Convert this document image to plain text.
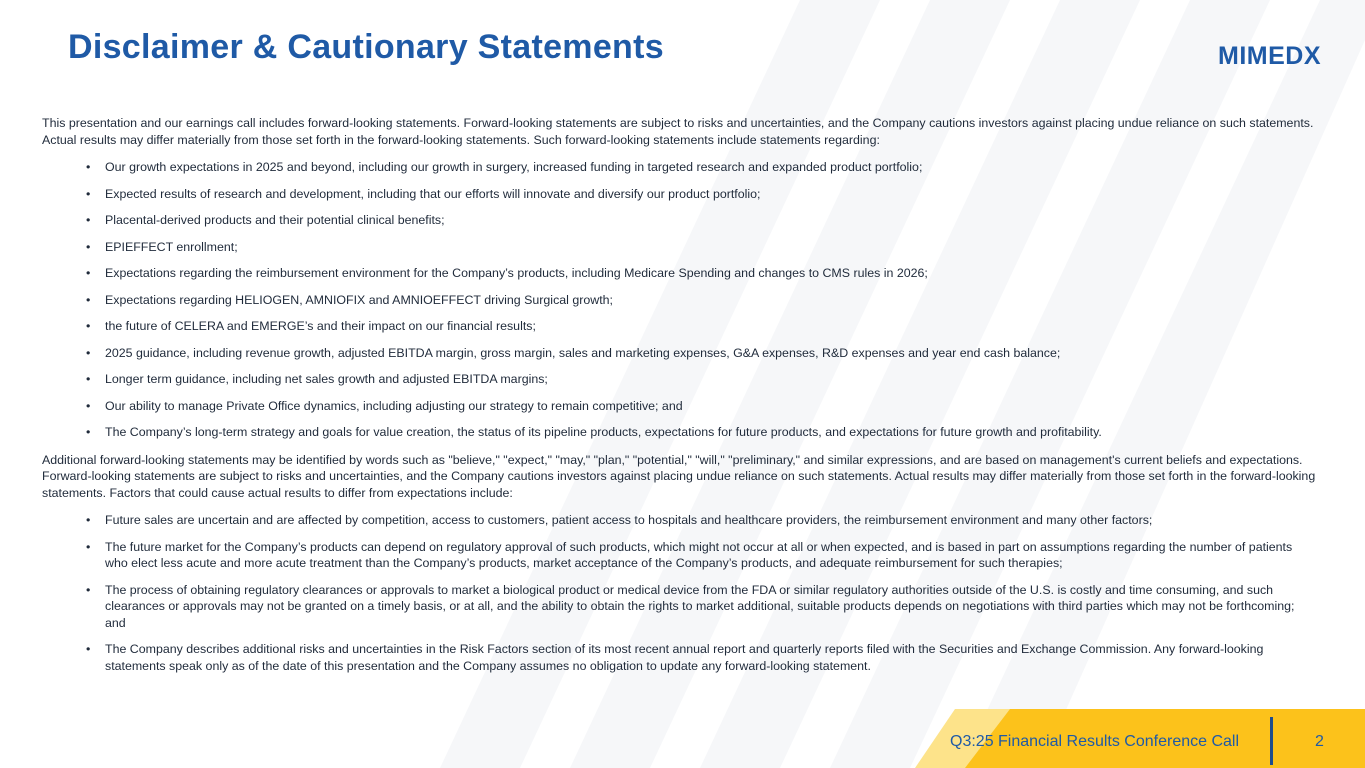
Disclaimer & Cautionary Statements	MIMEDX

This presentation and our earnings call includes forward-looking statements. Forward-looking statements are subject to risks and uncertainties, and the Company cautions investors against placing undue reliance on such statements. Actual results may differ materially from those set forth in the forward-looking statements. Such forward-looking statements include statements regarding:

• Our growth expectations in 2025 and beyond, including our growth in surgery, increased funding in targeted research and expanded product portfolio;
• Expected results of research and development, including that our efforts will innovate and diversify our product portfolio;
• Placental-derived products and their potential clinical benefits;
• EPIEFFECT enrollment;
• Expectations regarding the reimbursement environment for the Company’s products, including Medicare Spending and changes to CMS rules in 2026;
• Expectations regarding HELIOGEN, AMNIOFIX and AMNIOEFFECT driving Surgical growth;
• the future of CELERA and EMERGE’s and their impact on our financial results;
• 2025 guidance, including revenue growth, adjusted EBITDA margin, gross margin, sales and marketing expenses, G&A expenses, R&D expenses and year end cash balance;
• Longer term guidance, including net sales growth and adjusted EBITDA margins;
• Our ability to manage Private Office dynamics, including adjusting our strategy to remain competitive; and
• The Company’s long-term strategy and goals for value creation, the status of its pipeline products, expectations for future products, and expectations for future growth and profitability.

Additional forward-looking statements may be identified by words such as "believe," "expect," "may," "plan," "potential," "will," "preliminary," and similar expressions, and are based on management's current beliefs and expectations. Forward-looking statements are subject to risks and uncertainties, and the Company cautions investors against placing undue reliance on such statements. Actual results may differ materially from those set forth in the forward-looking statements. Factors that could cause actual results to differ from expectations include:

• Future sales are uncertain and are affected by competition, access to customers, patient access to hospitals and healthcare providers, the reimbursement environment and many other factors;
• The future market for the Company’s products can depend on regulatory approval of such products, which might not occur at all or when expected, and is based in part on assumptions regarding the number of patients who elect less acute and more acute treatment than the Company’s products, market acceptance of the Company’s products, and adequate reimbursement for such therapies;
• The process of obtaining regulatory clearances or approvals to market a biological product or medical device from the FDA or similar regulatory authorities outside of the U.S. is costly and time consuming, and such clearances or approvals may not be granted on a timely basis, or at all, and the ability to obtain the rights to market additional, suitable products depends on negotiations with third parties which may not be forthcoming; and
• The Company describes additional risks and uncertainties in the Risk Factors section of its most recent annual report and quarterly reports filed with the Securities and Exchange Commission. Any forward-looking statements speak only as of the date of this presentation and the Company assumes no obligation to update any forward-looking statement.
Q3:25 Financial Results Conference Call	2
